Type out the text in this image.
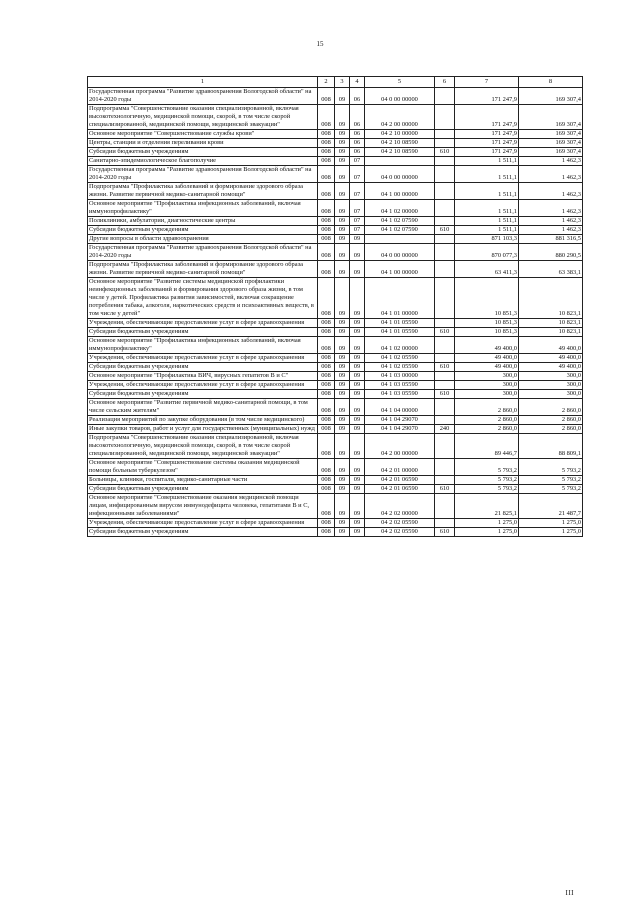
15
1	2	3	4	5	6	7	8
Государственная программа "Развитие здравоохранения Вологодской области" на 2014-2020 годы	008	09	06	04 0 00 00000		171 247,9	169 307,4
Подпрограмма "Совершенствование оказания специализированной, включая высокотехнологичную, медицинской помощи, скорой, в том числе скорой специализированной, медицинской помощи, медицинской эвакуации"	008	09	06	04 2 00 00000		171 247,9	169 307,4
Основное мероприятие "Совершенствование службы крови"	008	09	06	04 2 10 00000		171 247,9	169 307,4
Центры, станции и отделения переливания крови	008	09	06	04 2 10 08590		171 247,9	169 307,4
Субсидии бюджетным учреждениям	008	09	06	04 2 10 08590	610	171 247,9	169 307,4
Санитарно-эпидемиологическое благополучие	008	09	07			1 511,1	1 462,3
Государственная программа "Развитие здравоохранения Вологодской области" на 2014-2020 годы	008	09	07	04 0 00 00000		1 511,1	1 462,3
Подпрограмма "Профилактика заболеваний и формирование здорового образа жизни. Развитие первичной медико-санитарной помощи"	008	09	07	04 1 00 00000		1 511,1	1 462,3
Основное мероприятие "Профилактика инфекционных заболеваний, включая иммунопрофилактику"	008	09	07	04 1 02 00000		1 511,1	1 462,3
Поликлиники, амбулатории, диагностические центры	008	09	07	04 1 02 07590		1 511,1	1 462,3
Субсидии бюджетным учреждениям	008	09	07	04 1 02 07590	610	1 511,1	1 462,3
Другие вопросы в области здравоохранения	008	09	09			871 103,3	881 316,5
Государственная программа "Развитие здравоохранения Вологодской области" на 2014-2020 годы	008	09	09	04 0 00 00000		870 077,3	880 290,5
Подпрограмма "Профилактика заболеваний и формирование здорового образа жизни. Развитие первичной медико-санитарной помощи"	008	09	09	04 1 00 00000		63 411,3	63 383,1
Основное мероприятие "Развитие системы медицинской профилактики неинфекционных заболеваний и формирования здорового образа жизни, в том числе у детей. Профилактика развития зависимостей, включая сокращение потребления табака, алкоголя, наркотических средств и психоактивных веществ, в том числе у детей"	008	09	09	04 1 01 00000		10 851,3	10 823,1
Учреждения, обеспечивающие предоставление услуг в сфере здравоохранения	008	09	09	04 1 01 05590		10 851,3	10 823,1
Субсидии бюджетным учреждениям	008	09	09	04 1 01 05590	610	10 851,3	10 823,1
Основное мероприятие "Профилактика инфекционных заболеваний, включая иммунопрофилактику"	008	09	09	04 1 02 00000		49 400,0	49 400,0
Учреждения, обеспечивающие предоставление услуг в сфере здравоохранения	008	09	09	04 1 02 05590		49 400,0	49 400,0
Субсидии бюджетным учреждениям	008	09	09	04 1 02 05590	610	49 400,0	49 400,0
Основное мероприятие "Профилактика ВИЧ, вирусных гепатитов В и С"	008	09	09	04 1 03 00000		300,0	300,0
Учреждения, обеспечивающие предоставление услуг в сфере здравоохранения	008	09	09	04 1 03 05590		300,0	300,0
Субсидии бюджетным учреждениям	008	09	09	04 1 03 05590	610	300,0	300,0
Основное мероприятие "Развитие первичной медико-санитарной помощи, в том числе сельским жителям"	008	09	09	04 1 04 00000		2 860,0	2 860,0
Реализация мероприятий по закупке оборудования (в том числе медицинского)	008	09	09	04 1 04 29070		2 860,0	2 860,0
Иные закупки товаров, работ и услуг для государственных (муниципальных) нужд	008	09	09	04 1 04 29070	240	2 860,0	2 860,0
Подпрограмма "Совершенствование оказания специализированной, включая высокотехнологичную, медицинской помощи, скорой, в том числе скорой специализированной, медицинской помощи, медицинской эвакуации"	008	09	09	04 2 00 00000		89 446,7	88 809,1
Основное мероприятие "Совершенствование системы оказания медицинской помощи больным туберкулезом"	008	09	09	04 2 01 00000		5 793,2	5 793,2
Больницы, клиники, госпитали, медико-санитарные части	008	09	09	04 2 01 06590		5 793,2	5 793,2
Субсидии бюджетным учреждениям	008	09	09	04 2 01 06590	610	5 793,2	5 793,2
Основное мероприятие "Совершенствование оказания медицинской помощи лицам, инфицированным вирусом иммунодефицита человека, гепатитами В и С, инфекционными заболеваниями"	008	09	09	04 2 02 00000		21 825,1	21 487,7
Учреждения, обеспечивающие предоставление услуг в сфере здравоохранения	008	09	09	04 2 02 05590		1 275,0	1 275,0
Субсидии бюджетным учреждениям	008	09	09	04 2 02 05590	610	1 275,0	1 275,0
III
